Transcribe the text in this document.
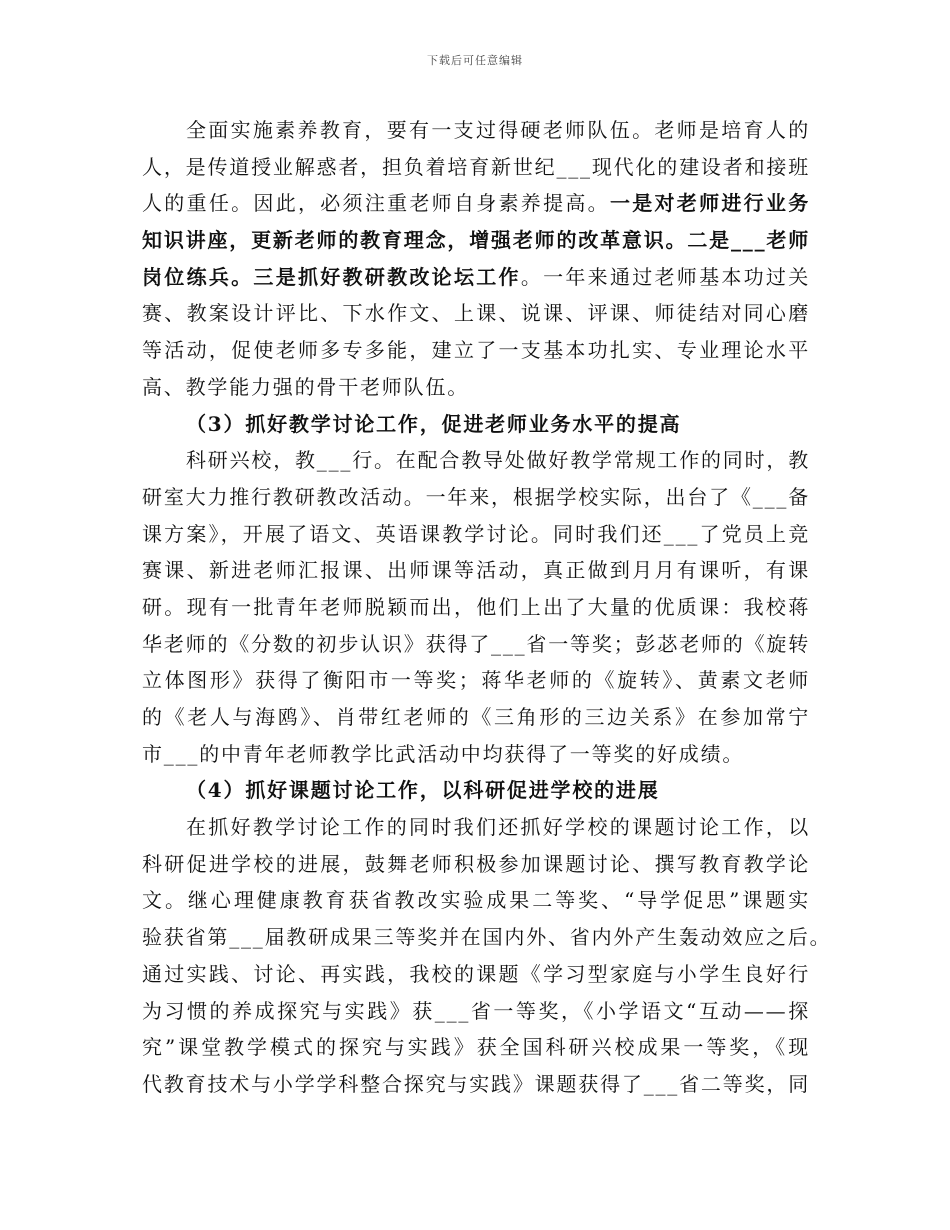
下载后可任意编辑
全面实施素养教育，要有一支过得硬老师队伍。老师是培育人的
人，是传道授业解惑者，担负着培育新世纪___现代化的建设者和接班
人的重任。因此，必须注重老师自身素养提高。一是对老师进行业务
知识讲座，更新老师的教育理念，增强老师的改革意识。二是___老师
岗位练兵。三是抓好教研教改论坛工作。一年来通过老师基本功过关
赛、教案设计评比、下水作文、上课、说课、评课、师徒结对同心磨
等活动，促使老师多专多能，建立了一支基本功扎实、专业理论水平
高、教学能力强的骨干老师队伍。
（3）抓好教学讨论工作，促进老师业务水平的提高
科研兴校，教___行。在配合教导处做好教学常规工作的同时，教
研室大力推行教研教改活动。一年来，根据学校实际，出台了《___备
课方案》，开展了语文、英语课教学讨论。同时我们还___了党员上竞
赛课、新进老师汇报课、出师课等活动，真正做到月月有课听，有课
研。现有一批青年老师脱颖而出，他们上出了大量的优质课：我校蒋
华老师的《分数的初步认识》获得了___省一等奖；彭苾老师的《旋转
立体图形》获得了衡阳市一等奖；蒋华老师的《旋转》、黄素文老师
的《老人与海鸥》、肖带红老师的《三角形的三边关系》在参加常宁
市___的中青年老师教学比武活动中均获得了一等奖的好成绩。
（4）抓好课题讨论工作，以科研促进学校的进展
在抓好教学讨论工作的同时我们还抓好学校的课题讨论工作，以
科研促进学校的进展，鼓舞老师积极参加课题讨论、撰写教育教学论
文。继心理健康教育获省教改实验成果二等奖、“导学促思”课题实
验获省第___届教研成果三等奖并在国内外、省内外产生轰动效应之后。
通过实践、讨论、再实践，我校的课题《学习型家庭与小学生良好行
为习惯的养成探究与实践》获___省一等奖，《小学语文“互动——探
究”课堂教学模式的探究与实践》获全国科研兴校成果一等奖，《现
代教育技术与小学学科整合探究与实践》课题获得了___省二等奖，同
